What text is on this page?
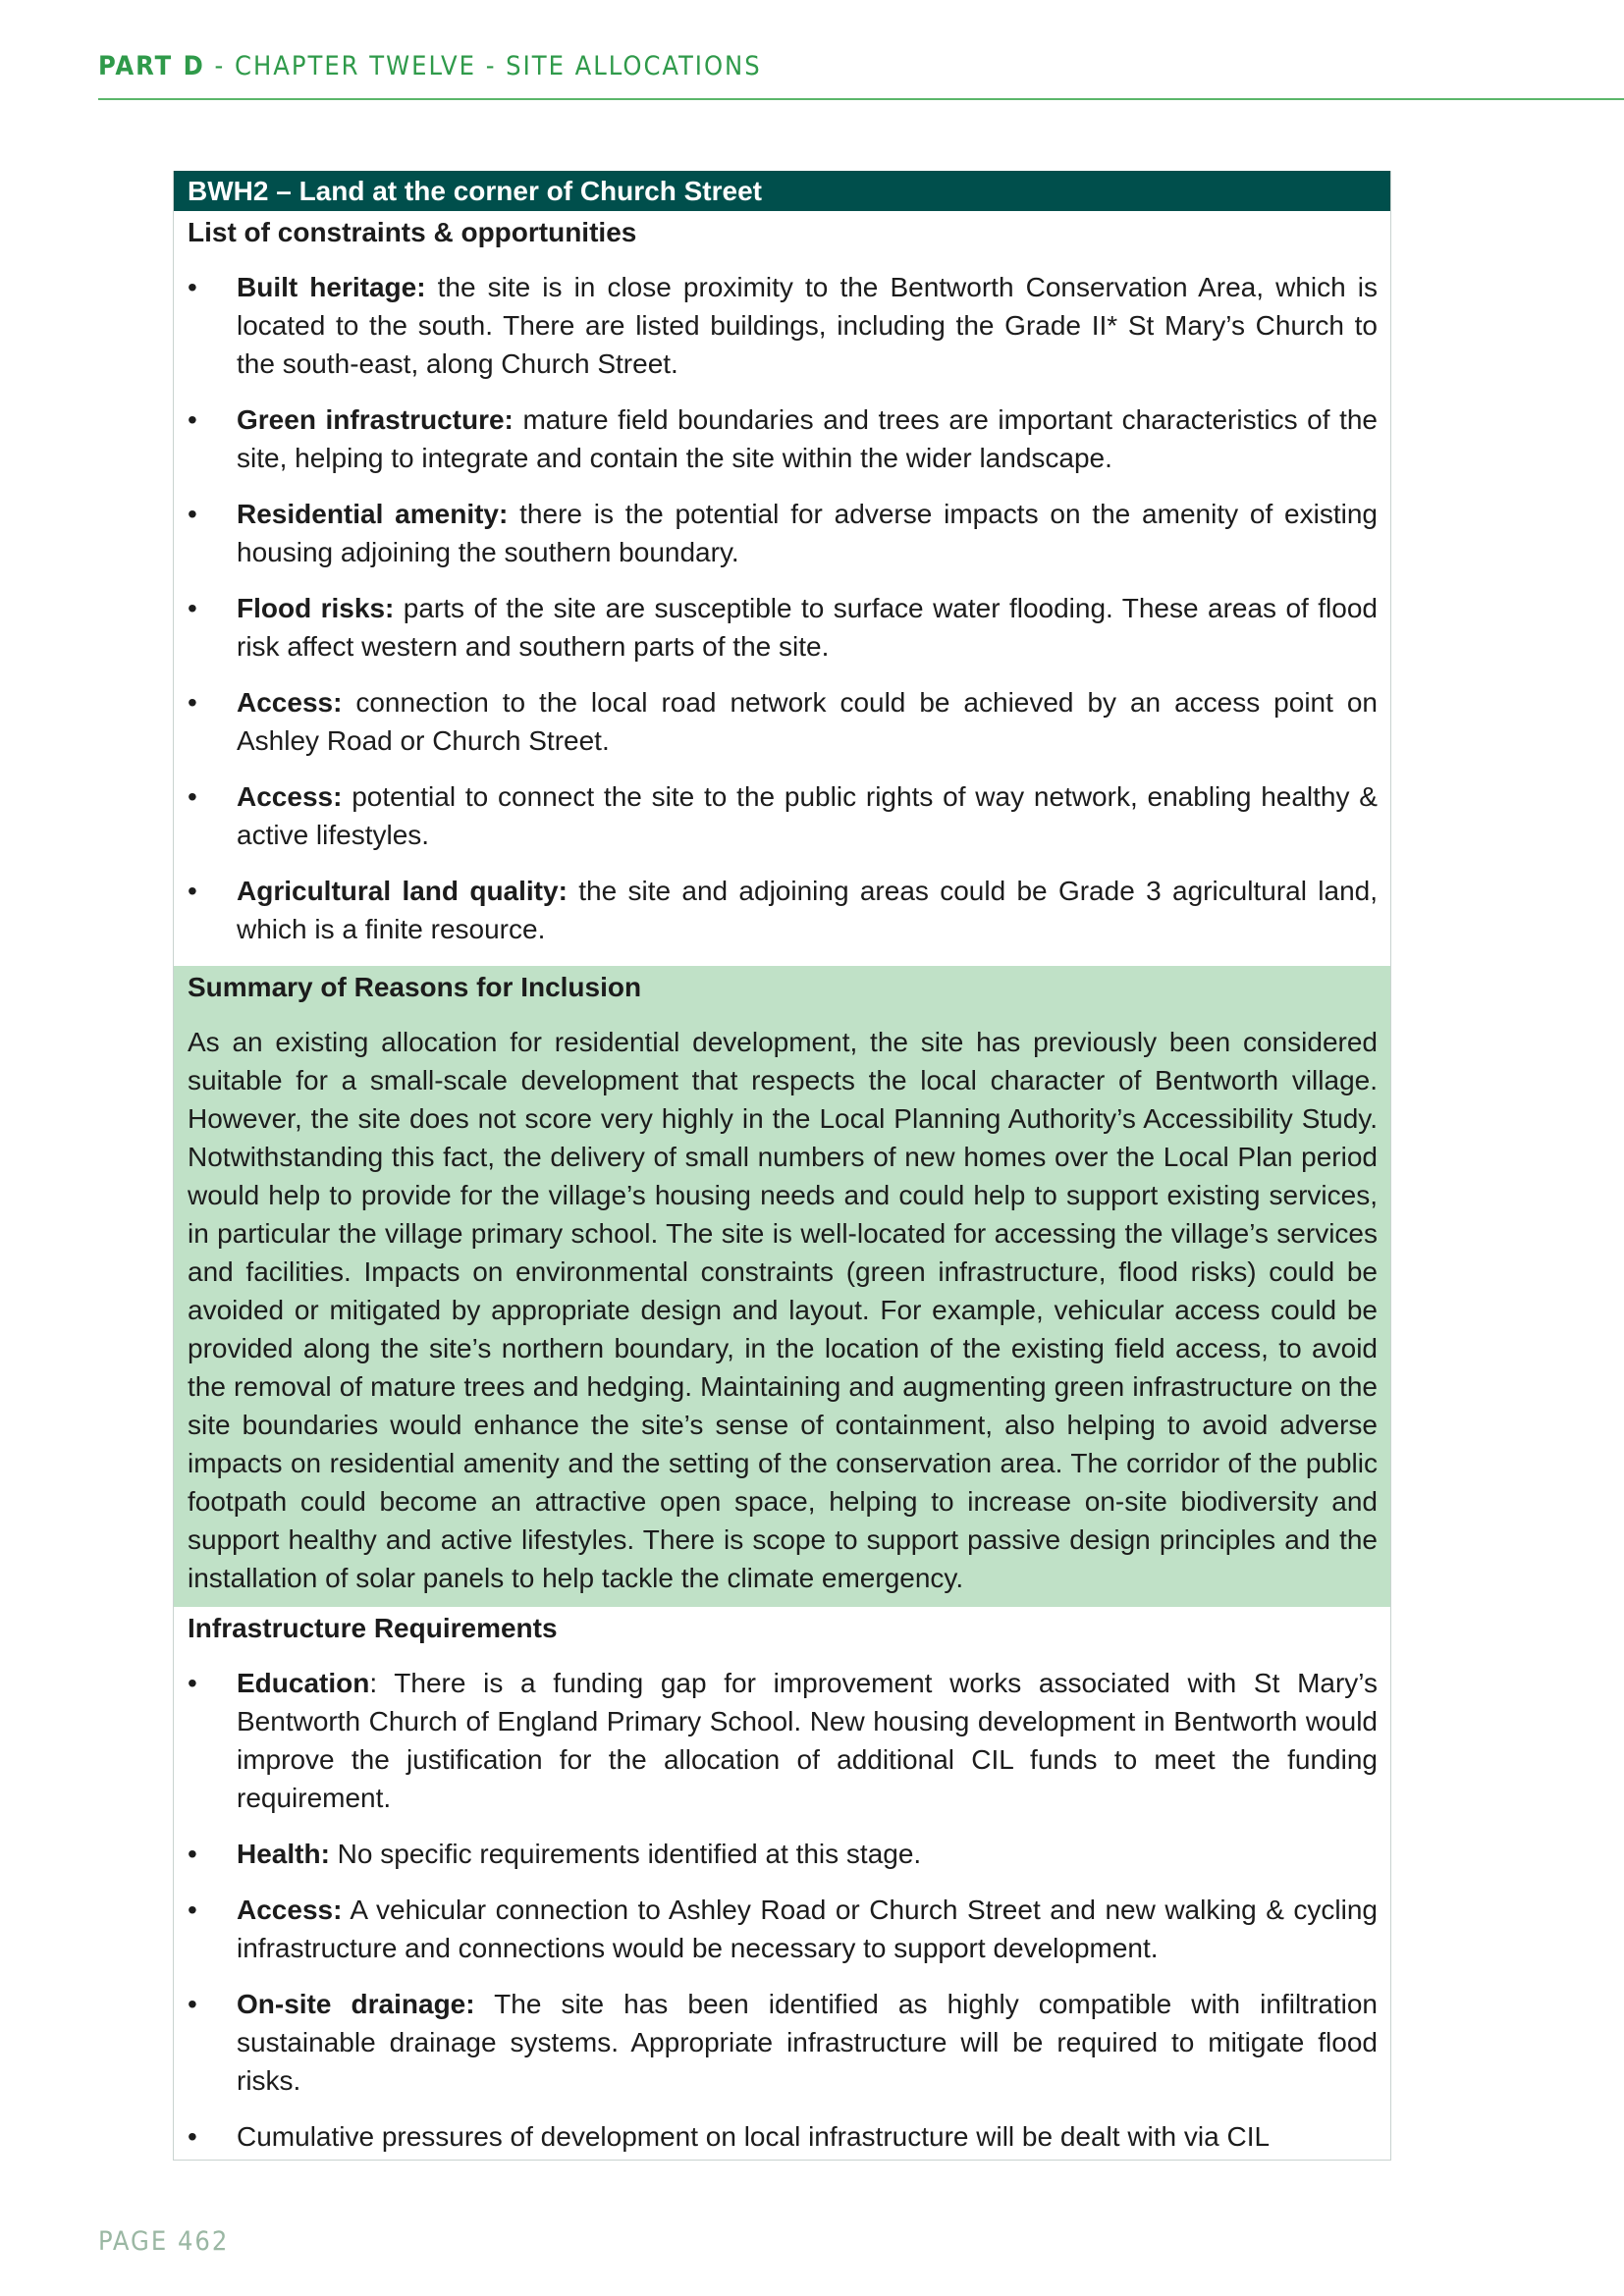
PART D - CHAPTER TWELVE - SITE ALLOCATIONS
BWH2 – Land at the corner of Church Street
List of constraints & opportunities
• Built heritage: the site is in close proximity to the Bentworth Conservation Area, which is located to the south. There are listed buildings, including the Grade II* St Mary’s Church to the south-east, along Church Street.
• Green infrastructure: mature field boundaries and trees are important characteristics of the site, helping to integrate and contain the site within the wider landscape.
• Residential amenity: there is the potential for adverse impacts on the amenity of existing housing adjoining the southern boundary.
• Flood risks: parts of the site are susceptible to surface water flooding. These areas of flood risk affect western and southern parts of the site.
• Access: connection to the local road network could be achieved by an access point on Ashley Road or Church Street.
• Access: potential to connect the site to the public rights of way network, enabling healthy & active lifestyles.
• Agricultural land quality: the site and adjoining areas could be Grade 3 agricultural land, which is a finite resource.
Summary of Reasons for Inclusion

As an existing allocation for residential development, the site has previously been considered suitable for a small-scale development that respects the local character of Bentworth village. However, the site does not score very highly in the Local Planning Authority’s Accessibility Study. Notwithstanding this fact, the delivery of small numbers of new homes over the Local Plan period would help to provide for the village’s housing needs and could help to support existing services, in particular the village primary school. The site is well-located for accessing the village’s services and facilities. Impacts on environmental constraints (green infrastructure, flood risks) could be avoided or mitigated by appropriate design and layout. For example, vehicular access could be provided along the site’s northern boundary, in the location of the existing field access, to avoid the removal of mature trees and hedging. Maintaining and augmenting green infrastructure on the site boundaries would enhance the site’s sense of containment, also helping to avoid adverse impacts on residential amenity and the setting of the conservation area. The corridor of the public footpath could become an attractive open space, helping to increase on-site biodiversity and support healthy and active lifestyles. There is scope to support passive design principles and the installation of solar panels to help tackle the climate emergency.

Infrastructure Requirements
• Education: There is a funding gap for improvement works associated with St Mary’s Bentworth Church of England Primary School. New housing development in Bentworth would improve the justification for the allocation of additional CIL funds to meet the funding requirement.
• Health: No specific requirements identified at this stage.
• Access: A vehicular connection to Ashley Road or Church Street and new walking & cycling infrastructure and connections would be necessary to support development.
• On-site drainage: The site has been identified as highly compatible with infiltration sustainable drainage systems. Appropriate infrastructure will be required to mitigate flood risks.
• Cumulative pressures of development on local infrastructure will be dealt with via CIL
PAGE 462
